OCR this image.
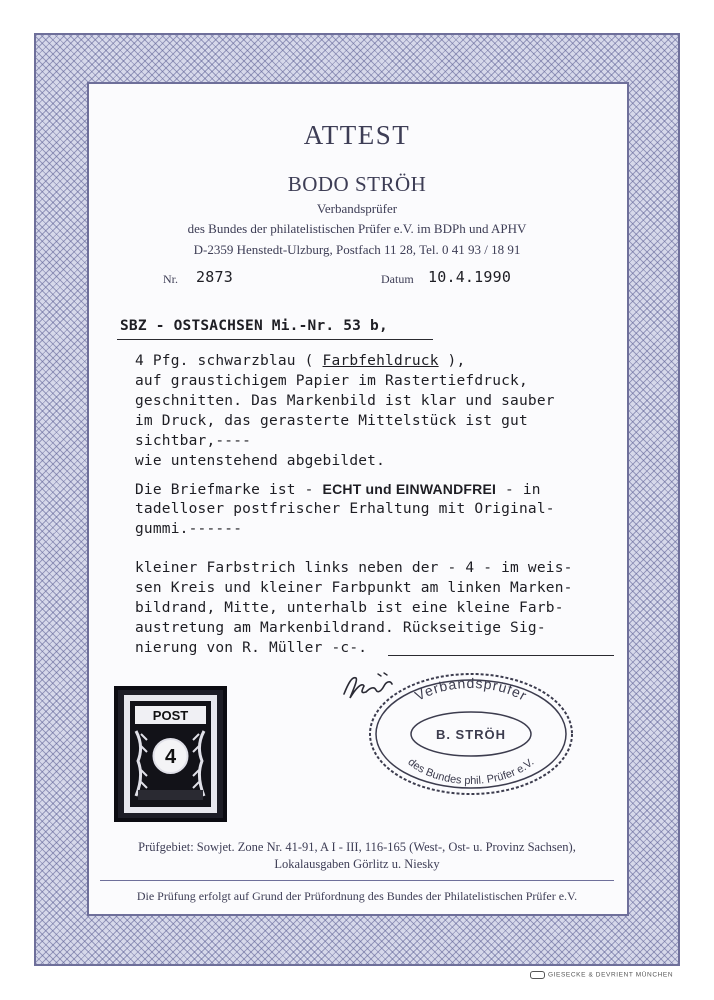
ATTEST
BODO STRÖH
Verbandsprüfer
des Bundes der philatelistischen Prüfer e.V. im BDPh und APHV
D-2359 Henstedt-Ulzburg, Postfach 11 28, Tel. 0 41 93 / 18 91
Nr. 2873	Datum 10.4.1990
SBZ - OSTSACHSEN Mi.-Nr. 53 b,
4 Pfg. schwarzblau ( Farbfehldruck ),
auf graustichigem Papier im Rastertiefdruck,
geschnitten. Das Markenbild ist klar und sauber
im Druck, das gerasterte Mittelstück ist gut
sichtbar,----
wie untenstehend abgebildet.
Die Briefmarke ist - ECHT und EINWANDFREI - in
tadelloser postfrischer Erhaltung mit Original-
gummi.------
kleiner Farbstrich links neben der - 4 - im weis-
sen Kreis und kleiner Farbpunkt am linken Marken-
bildrand, Mitte, unterhalb ist eine kleine Farb-
austretung am Markenbildrand. Rückseitige Sig-
nierung von R. Müller -c-.
POST
4
Verbandsprüfer
B. STRÖH
des Bundes phil. Prüfer e.V.
Prüfgebiet: Sowjet. Zone Nr. 41-91, A I - III, 116-165 (West-, Ost- u. Provinz Sachsen),
Lokalausgaben Görlitz u. Niesky
Die Prüfung erfolgt auf Grund der Prüfordnung des Bundes der Philatelistischen Prüfer e.V.
GIESECKE & DEVRIENT MÜNCHEN
